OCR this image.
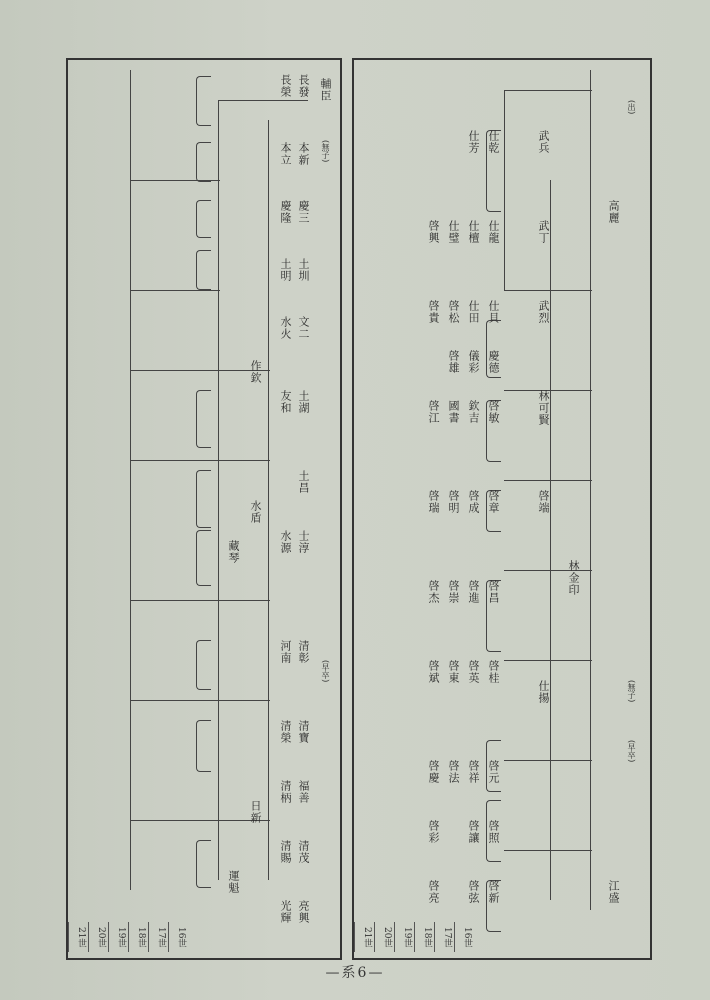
輔臣
長發
長榮
本新
本立
慶三
慶隆
土圳
土明
文二
水火
作欽
土湖
友和
土昌
水盾
藏琴	士淳
水源
清彰
日新
河南
運魁
清寶
清榮
福善
清柄
清茂
清賜
亮興
光輝
(無子)
(早卒)
21世	20世	19世	18世	17世	16世
高麗
武兵
武丁
仕乾
仕芳
仕龍
仕檀
仕璧
武烈
仕貝
仕田
慶德
儀彩
啓端
啓敏
啓章
欽吉
啓成
國書
啓明
江盛
啓元
啓照
啓新
啓祥
仕揚
啓讓
啓弦
啓法
林可賢
林金印
啓昌
啓進
啓崇
啓桂
啓英
啓東
啓杰
啓斌
啓慶
啓彩
啓亮
啓松
啓雄
啓興
啓貴
啓江
啓瑞
(出)
(無子)
(早卒)
21世	20世	19世	18世	17世	16世
—系6—
